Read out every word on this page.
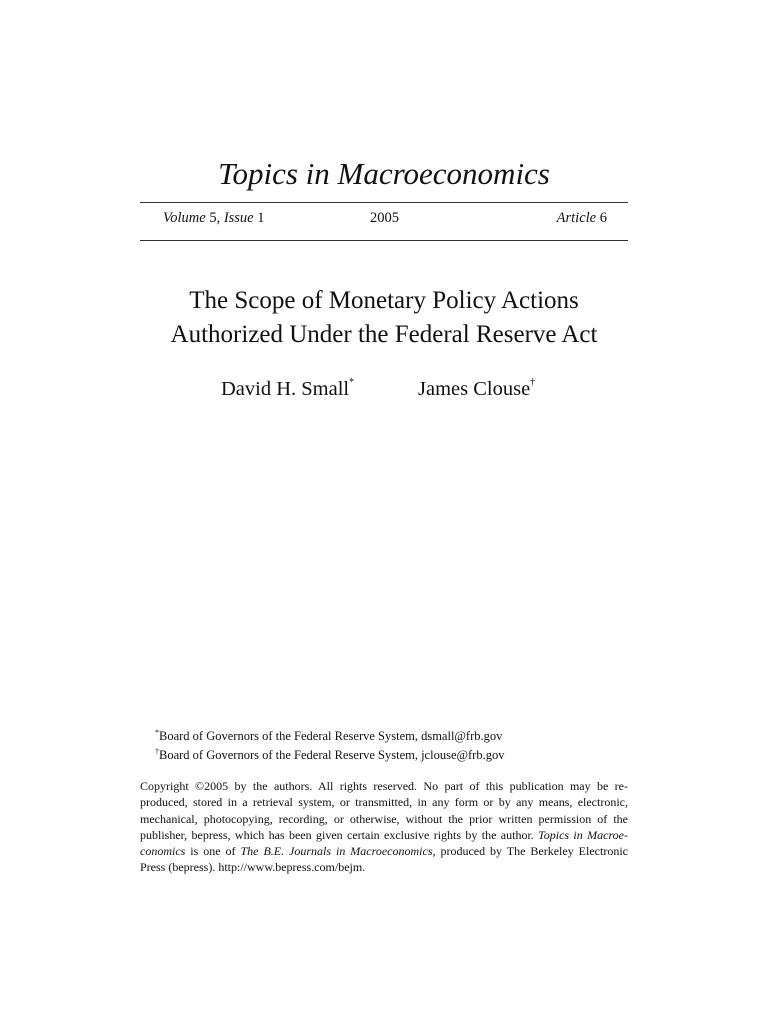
Topics in Macroeconomics
Volume 5, Issue 1	2005	Article 6
The Scope of Monetary Policy Actions
Authorized Under the Federal Reserve Act
David H. Small*	James Clouse†
*Board of Governors of the Federal Reserve System, dsmall@frb.gov
†Board of Governors of the Federal Reserve System, jclouse@frb.gov
Copyright ©2005 by the authors. All rights reserved. No part of this publication may be re-
produced, stored in a retrieval system, or transmitted, in any form or by any means, electronic,
mechanical, photocopying, recording, or otherwise, without the prior written permission of the
publisher, bepress, which has been given certain exclusive rights by the author. Topics in Macroe-
conomics is one of The B.E. Journals in Macroeconomics, produced by The Berkeley Electronic
Press (bepress). http://www.bepress.com/bejm.
